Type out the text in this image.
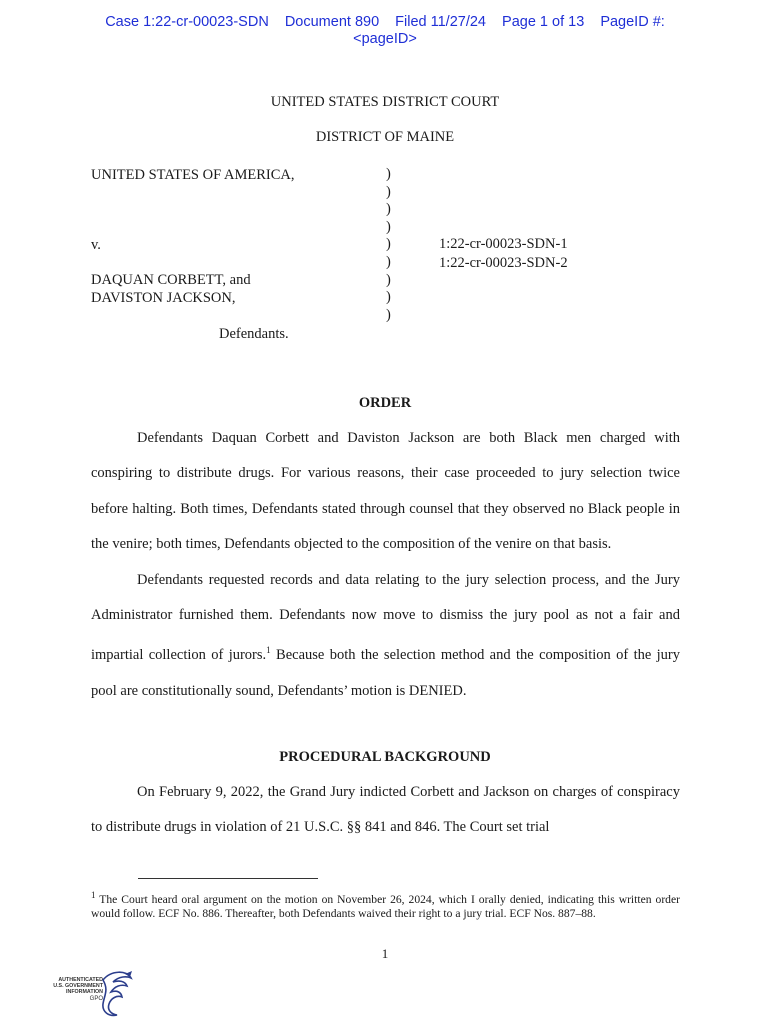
Case 1:22-cr-00023-SDN Document 890 Filed 11/27/24 Page 1 of 13 PageID #:
<pageID>
UNITED STATES DISTRICT COURT
DISTRICT OF MAINE
UNITED STATES OF AMERICA,
v.
DAQUAN CORBETT, and
DAVISTON JACKSON,
Defendants.
)
)
)
)
)
)
)
)
)
1:22-cr-00023-SDN-1
1:22-cr-00023-SDN-2
ORDER

Defendants Daquan Corbett and Daviston Jackson are both Black men charged with conspiring to distribute drugs. For various reasons, their case proceeded to jury selection twice before halting. Both times, Defendants stated through counsel that they observed no Black people in the venire; both times, Defendants objected to the composition of the venire on that basis.

Defendants requested records and data relating to the jury selection process, and the Jury Administrator furnished them. Defendants now move to dismiss the jury pool as not a fair and impartial collection of jurors.$^1$ Because both the selection method and the composition of the jury pool are constitutionally sound, Defendants’ motion is DENIED.

PROCEDURAL BACKGROUND

On February 9, 2022, the Grand Jury indicted Corbett and Jackson on charges of conspiracy to distribute drugs in violation of 21 U.S.C. §§ 841 and 846. The Court set trial

$^1$ The Court heard oral argument on the motion on November 26, 2024, which I orally denied, indicating this written order would follow. ECF No. 886. Thereafter, both Defendants waived their right to a jury trial. ECF Nos. 887–88.
1
AUTHENTICATED
U.S. GOVERNMENT
INFORMATION
GPO
